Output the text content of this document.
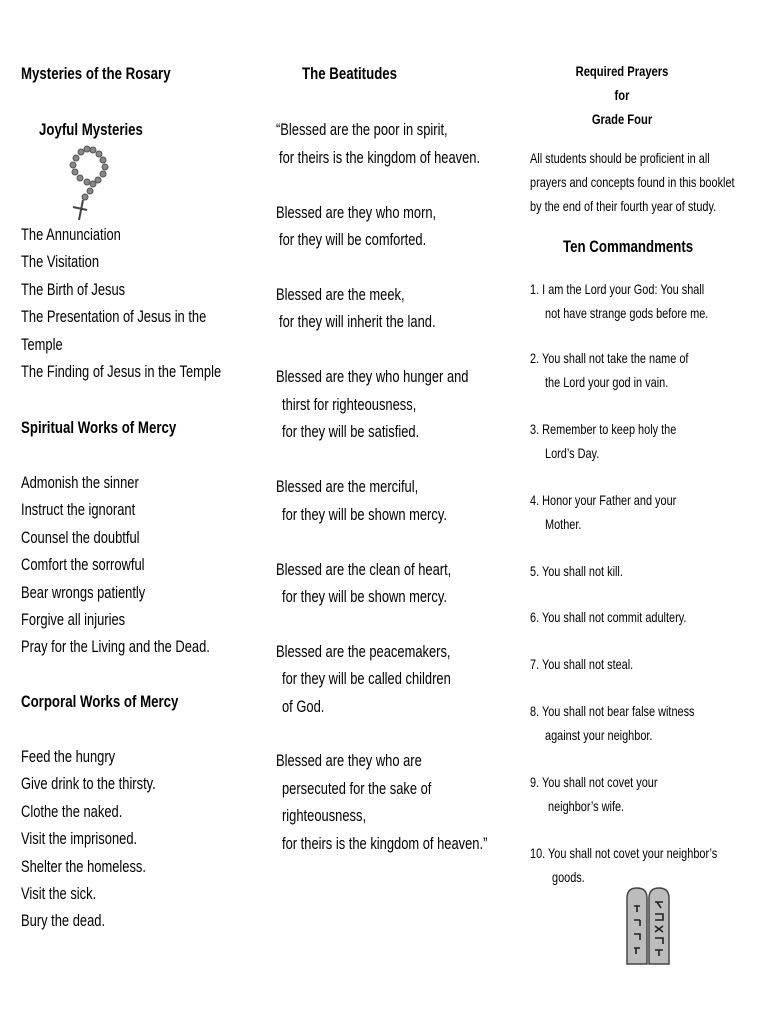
Mysteries of the Rosary
Joyful Mysteries
The Annunciation
The Visitation
The Birth of Jesus
The Presentation of Jesus in the
Temple
The Finding of Jesus in the Temple
Spiritual Works of Mercy
Admonish the sinner
Instruct the ignorant
Counsel the doubtful
Comfort the sorrowful
Bear wrongs patiently
Forgive all injuries
Pray for the Living and the Dead.
Corporal Works of Mercy
Feed the hungry
Give drink to the thirsty.
Clothe the naked.
Visit the imprisoned.
Shelter the homeless.
Visit the sick.
Bury the dead.
The Beatitudes
“Blessed are the poor in spirit,
for theirs is the kingdom of heaven.
Blessed are they who morn,
for they will be comforted.
Blessed are the meek,
for they will inherit the land.
Blessed are they who hunger and
thirst for righteousness,
for they will be satisfied.
Blessed are the merciful,
for they will be shown mercy.
Blessed are the clean of heart,
for they will be shown mercy.
Blessed are the peacemakers,
for they will be called children
of God.
Blessed are they who are
persecuted for the sake of
righteousness,
for theirs is the kingdom of heaven.”
Required Prayers
for
Grade Four
All students should be proficient in all
prayers and concepts found in this booklet
by the end of their fourth year of study.
Ten Commandments
1. I am the Lord your God: You shall
not have strange gods before me.
2. You shall not take the name of
the Lord your god in vain.
3. Remember to keep holy the
Lord’s Day.
4. Honor your Father and your
Mother.
5. You shall not kill.
6. You shall not commit adultery.
7. You shall not steal.
8. You shall not bear false witness
against your neighbor.
9. You shall not covet your
neighbor’s wife.
10. You shall not covet your neighbor’s
goods.
